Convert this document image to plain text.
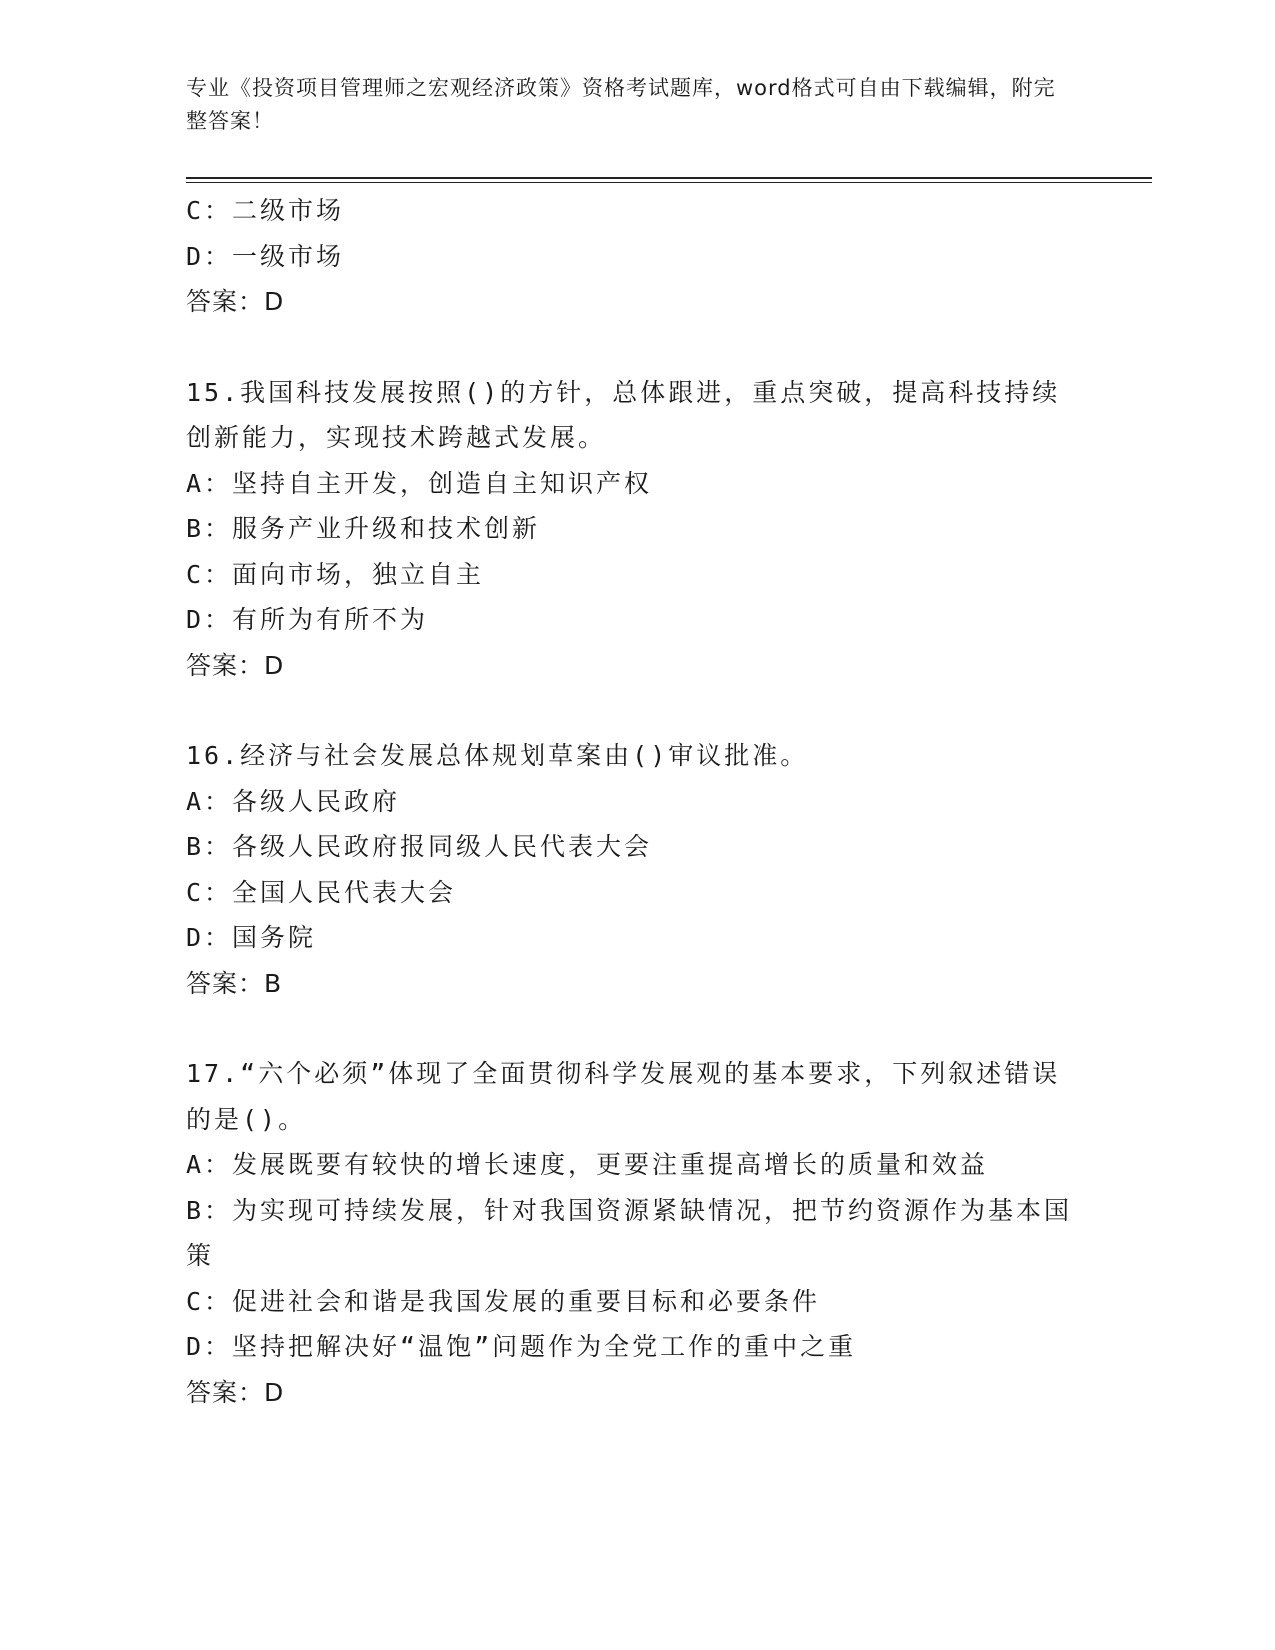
专业《投资项目管理师之宏观经济政策》资格考试题库，word格式可自由下载编辑，附完整答案！
C：二级市场
D：一级市场
答案：D
15.我国科技发展按照()的方针，总体跟进，重点突破，提高科技持续创新能力，实现技术跨越式发展。
A：坚持自主开发，创造自主知识产权
B：服务产业升级和技术创新
C：面向市场，独立自主
D：有所为有所不为
答案：D
16.经济与社会发展总体规划草案由()审议批准。
A：各级人民政府
B：各级人民政府报同级人民代表大会
C：全国人民代表大会
D：国务院
答案：B
17.“六个必须”体现了全面贯彻科学发展观的基本要求，下列叙述错误的是()。
A：发展既要有较快的增长速度，更要注重提高增长的质量和效益
B：为实现可持续发展，针对我国资源紧缺情况，把节约资源作为基本国策
C：促进社会和谐是我国发展的重要目标和必要条件
D：坚持把解决好“温饱”问题作为全党工作的重中之重
答案：D
